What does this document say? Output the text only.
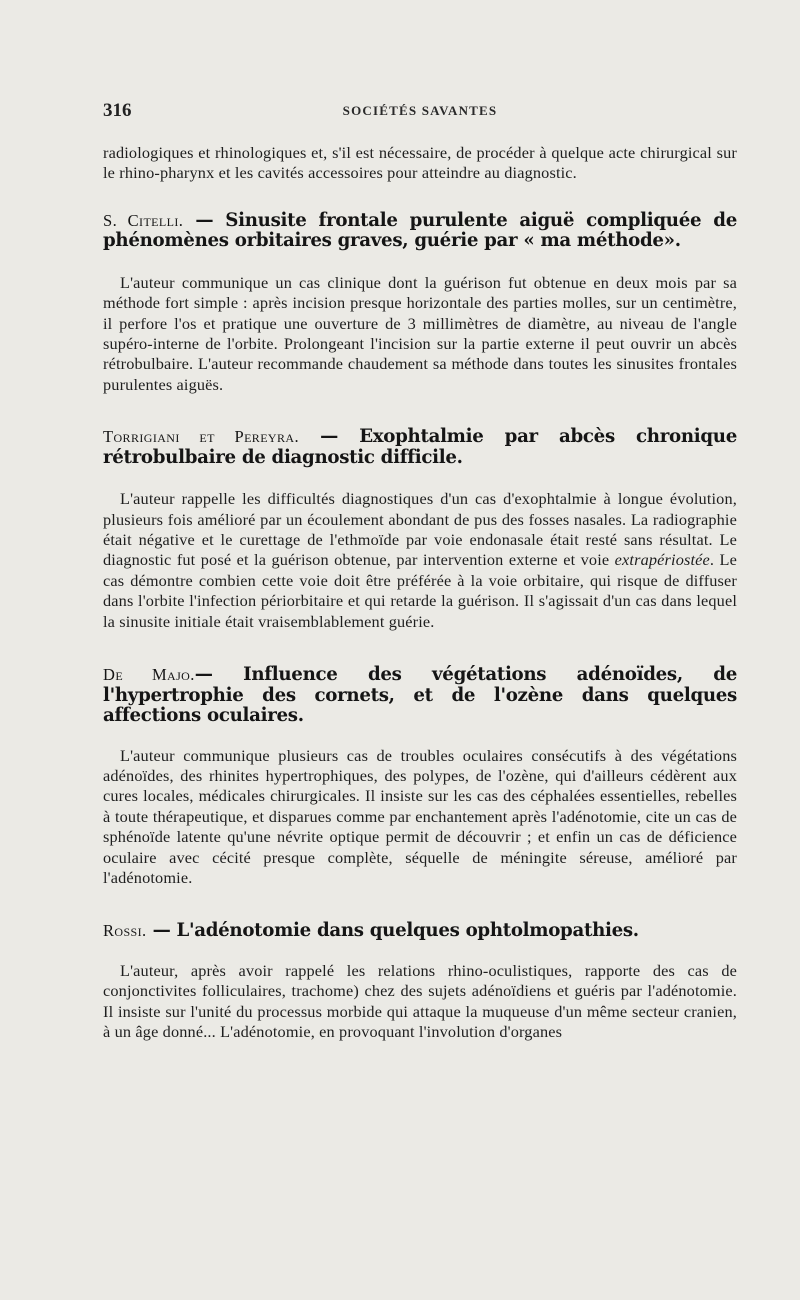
316	SOCIÉTÉS SAVANTES

radiologiques et rhinologiques et, s'il est nécessaire, de procéder à quelque acte chirurgical sur le rhino-pharynx et les cavités accessoires pour atteindre au diagnostic.

S. Citelli. — Sinusite frontale purulente aiguë compliquée de phénomènes orbitaires graves, guérie par « ma méthode».

L'auteur communique un cas clinique dont la guérison fut obtenue en deux mois par sa méthode fort simple : après incision presque horizontale des parties molles, sur un centimètre, il perfore l'os et pratique une ouverture de 3 millimètres de diamètre, au niveau de l'angle supéro-interne de l'orbite. Prolongeant l'incision sur la partie externe il peut ouvrir un abcès rétrobulbaire. L'auteur recommande chaudement sa méthode dans toutes les sinusites frontales purulentes aiguës.

Torrigiani et Pereyra. — Exophtalmie par abcès chronique rétrobulbaire de diagnostic difficile.

L'auteur rappelle les difficultés diagnostiques d'un cas d'exophtalmie à longue évolution, plusieurs fois amélioré par un écoulement abondant de pus des fosses nasales. La radiographie était négative et le curettage de l'ethmoïde par voie endonasale était resté sans résultat. Le diagnostic fut posé et la guérison obtenue, par intervention externe et voie extrapériostée. Le cas démontre combien cette voie doit être préférée à la voie orbitaire, qui risque de diffuser dans l'orbite l'infection périorbitaire et qui retarde la guérison. Il s'agissait d'un cas dans lequel la sinusite initiale était vraisemblablement guérie.

De Majo.— Influence des végétations adénoïdes, de l'hypertrophie des cornets, et de l'ozène dans quelques affections oculaires.

L'auteur communique plusieurs cas de troubles oculaires consécutifs à des végétations adénoïdes, des rhinites hypertrophiques, des polypes, de l'ozène, qui d'ailleurs cédèrent aux cures locales, médicales chirurgicales. Il insiste sur les cas des céphalées essentielles, rebelles à toute thérapeutique, et disparues comme par enchantement après l'adénotomie, cite un cas de sphénoïde latente qu'une névrite optique permit de découvrir ; et enfin un cas de déficience oculaire avec cécité presque complète, séquelle de méningite séreuse, amélioré par l'adénotomie.

Rossi. — L'adénotomie dans quelques ophtolmopathies.

L'auteur, après avoir rappelé les relations rhino-oculistiques, rapporte des cas de conjonctivites folliculaires, trachome) chez des sujets adénoïdiens et guéris par l'adénotomie. Il insiste sur l'unité du processus morbide qui attaque la muqueuse d'un même secteur cranien, à un âge donné... L'adénotomie, en provoquant l'involution d'organes
